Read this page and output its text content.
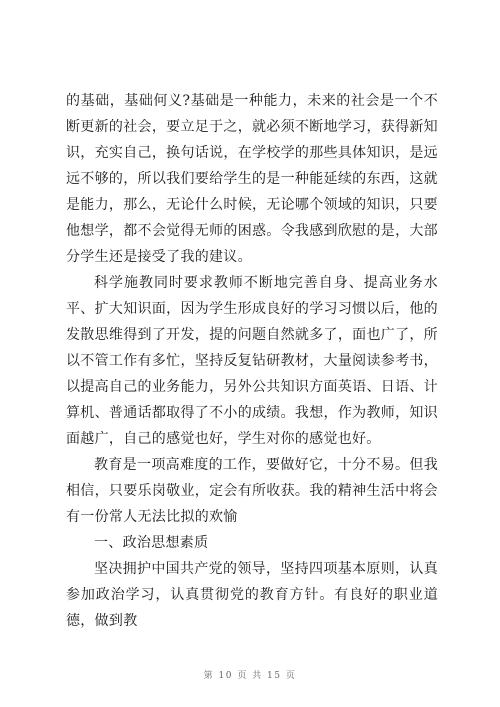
的基础，基础何义?基础是一种能力，未来的社会是一个不断更新的社会，要立足于之，就必须不断地学习，获得新知识，充实自己，换句话说，在学校学的那些具体知识，是远远不够的，所以我们要给学生的是一种能延续的东西，这就是能力，那么，无论什么时候，无论哪个领域的知识，只要他想学，都不会觉得无师的困惑。令我感到欣慰的是，大部分学生还是接受了我的建议。

科学施教同时要求教师不断地完善自身、提高业务水平、扩大知识面，因为学生形成良好的学习习惯以后，他的发散思维得到了开发，提的问题自然就多了，面也广了，所以不管工作有多忙，坚持反复钻研教材，大量阅读参考书，以提高自己的业务能力，另外公共知识方面英语、日语、计算机、普通话都取得了不小的成绩。我想，作为教师，知识面越广，自己的感觉也好，学生对你的感觉也好。

教育是一项高难度的工作，要做好它，十分不易。但我相信，只要乐岗敬业，定会有所收获。我的精神生活中将会有一份常人无法比拟的欢愉

一、政治思想素质

坚决拥护中国共产党的领导，坚持四项基本原则，认真参加政治学习，认真贯彻党的教育方针。有良好的职业道德，做到教

第 10 页 共 15 页
